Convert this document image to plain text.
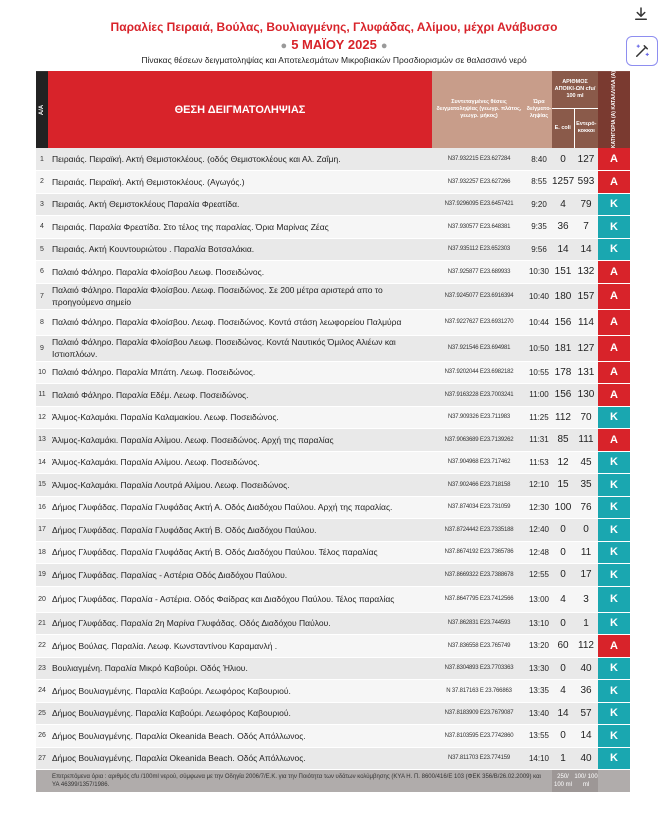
Παραλίες Πειραιά, Βούλας, Βουλιαγμένης, Γλυφάδας, Αλίμου, μέχρι Ανάβυσσο
● 5 ΜΑΪΟΥ 2025 ●
Πίνακας θέσεων δειγματοληψίας και Αποτελεσμάτων Μικροβιακών Προσδιορισμών σε θαλασσινό νερό
Α/Α	ΘΕΣΗ ΔΕΙΓΜΑΤΟΛΗΨΙΑΣ	Συντεταγμένες θέσεις δειγματοληψίας (γεωγρ. πλάτος, γεωγρ. μήκος)	Ώρα δείγματο-ληψίας	ΑΡΙΘΜΟΣ ΑΠΟΙΚΙ-ΩΝ cfu/ 100 ml		ΚΑΤΗΓΟΡΙΑ (Α) ΚΑΤΑΛΛΗΛΑ (Α)
				E. coli	Εντερό-κοκκοι	
1	Πειραιάς. Πειραϊκή. Ακτή Θεμιστοκλέους. (οδός Θεμιστοκλέους και Αλ. Ζαΐμη.	N37.932215 E23.627284	8:40	0	127	A
2	Πειραιάς. Πειραϊκή. Ακτή Θεμιστοκλέους. (Αγωγός.)	N37.932257 E23.627266	8:55	1257	593	A
3	Πειραιάς. Ακτή Θεμιστοκλέους Παραλία Φρεατίδα.	N37.9296095 E23.6457421	9:20	4	79	K
4	Πειραιάς. Παραλία Φρεατίδα. Στο τέλος της παραλίας. Όρια Μαρίνας Ζέας	N37.930577 E23.648381	9:35	36	7	K
5	Πειραιάς. Ακτή Κουντουριώτου . Παραλία Βοτσαλάκια.	N37.935112 E23.652303	9:56	14	14	K
6	Παλαιό Φάληρο. Παραλία Φλοίσβου Λεωφ. Ποσειδώνος.	N37.925877 E23.689933	10:30	151	132	A
7	Παλαιό Φάληρο. Παραλία Φλοίσβου. Λεωφ. Ποσειδώνος. Σε 200 μέτρα αριστερά απο το προηγούμενο σημείο	N37.9245077 E23.6916394	10:40	180	157	A
8	Παλαιό Φάληρο. Παραλία Φλοίσβου. Λεωφ. Ποσειδώνος. Κοντά στάση λεωφορείου Παλμύρα	N37.9227627 E23.6931270	10:44	156	114	A
9	Παλαιό Φάληρο. Παραλία Φλοίσβου Λεωφ. Ποσειδώνος. Κοντά Ναυτικός Όμιλος Αλιέων και Ιστιοπλόων.	N37.921546 E23.694981	10:50	181	127	A
10	Παλαιό Φάληρο. Παραλία Μπάτη. Λεωφ. Ποσειδώνος.	N37.9202044 E23.6982182	10:55	178	131	A
11	Παλαιό Φάληρο. Παραλία Εδέμ. Λεωφ. Ποσειδώνος.	N37.9163228 E23.7003241	11:00	156	130	A
12	Άλιμος-Καλαμάκι. Παραλία Καλαμακίου. Λεωφ. Ποσειδώνος.	N37.909326 E23.711983	11:25	112	70	K
13	Άλιμος-Καλαμάκι. Παραλία Αλίμου. Λεωφ. Ποσειδώνος. Αρχή της παραλίας	N37.9063689 E23.7139262	11:31	85	111	A
14	Άλιμος-Καλαμάκι. Παραλία Αλίμου. Λεωφ. Ποσειδώνος.	N37.904968 E23.717462	11:53	12	45	K
15	Άλιμος-Καλαμάκι. Παραλία Λουτρά Αλίμου. Λεωφ. Ποσειδώνος.	N37.902466 E23.718158	12:10	15	35	K
16	Δήμος Γλυφάδας. Παραλία Γλυφάδας Ακτή Α. Οδός Διαδόχου Παύλου. Αρχή της παραλίας.	N37.874034 E23.731059	12:30	100	76	K
17	Δήμος Γλυφάδας. Παραλία Γλυφάδας Ακτή Β. Οδός Διαδόχου Παύλου.	N37.8724442 E23.7335188	12:40	0	0	K
18	Δήμος Γλυφάδας. Παραλία Γλυφάδας Ακτή Β. Οδός Διαδόχου Παύλου. Τέλος παραλίας	N37.8674192 E23.7365786	12:48	0	11	K
19	Δήμος Γλυφάδας. Παραλίας - Αστέρια Οδός Διαδόχου Παύλου.	N37.8669322 E23.7388678	12:55	0	17	K
20	Δήμος Γλυφάδας. Παραλία - Αστέρια. Οδός Φαίδρας και Διαδόχου Παύλου. Τέλος παραλίας	N37.8647795 E23.7412566	13:00	4	3	K
21	Δήμος Γλυφάδας. Παραλία 2η Μαρίνα Γλυφάδας. Οδός Διαδόχου Παύλου.	N37.862831 E23.744593	13:10	0	1	K
22	Δήμος Βούλας. Παραλία. Λεωφ. Κωνσταντίνου Καραμανλή .	N37.836558 E23.765749	13:20	60	112	A
23	Βουλιαγμένη. Παραλία Μικρό Καβούρι. Οδός Ήλιου.	N37.8304893 E23.7703363	13:30	0	40	K
24	Δήμος Βουλιαγμένης. Παραλία Καβούρι. Λεωφόρος Καβουριού.	N 37.817163 E 23.766863	13:35	4	36	K
25	Δήμος Βουλιαγμένης. Παραλία Καβούρι. Λεωφόρος Καβουριού.	N37.8183909 E23.7679087	13:40	14	57	K
26	Δήμος Βουλιαγμένης. Παραλία Okeanida Beach. Οδός Απόλλωνος.	N37.8103595 E23.7742860	13:55	0	14	K
27	Δήμος Βουλιαγμένης. Παραλία Okeanida Beach. Οδός Απόλλωνος.	N37.811703 E23.774159	14:10	1	40	K
	Επιτρεπόμενα όρια : αριθμός cfu /100ml νερού, σύμφωνα με την Οδηγία 2006/7/Ε.Κ. για την Ποιότητα των υδάτων κολύμβησης (ΚΥΑ Η. Π. 8600/416/Ε 103 (ΦΕΚ 356/Β/26.02.2009) και ΥΑ 46399/1357/1986.			250/ 100 ml	100/ 100 ml	
